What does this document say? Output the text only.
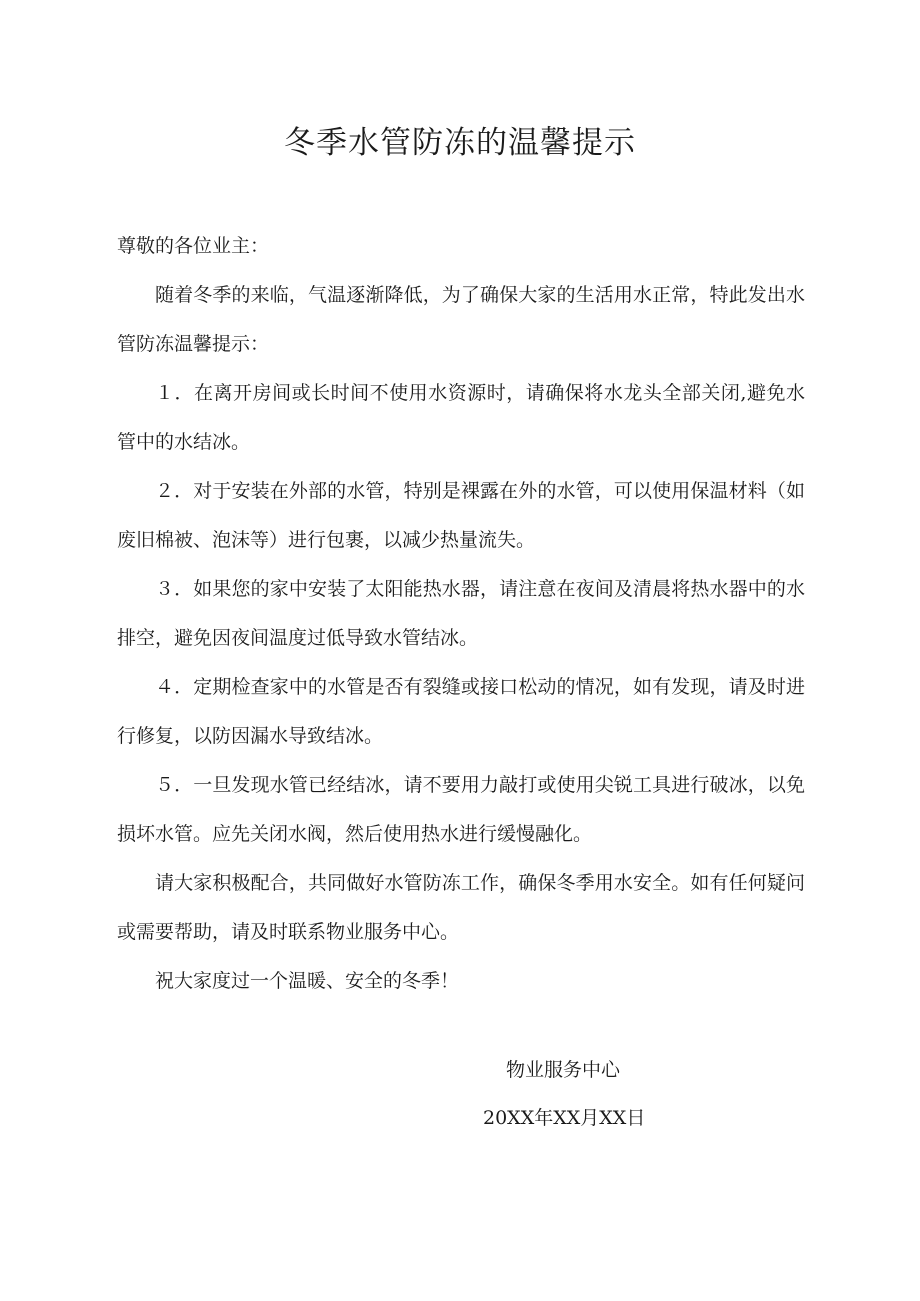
冬季水管防冻的温馨提示

尊敬的各位业主：

随着冬季的来临，气温逐渐降低，为了确保大家的生活用水正常，特此发出水管防冻温馨提示：

１．在离开房间或长时间不使用水资源时，请确保将水龙头全部关闭,避免水管中的水结冰。

２．对于安装在外部的水管，特别是裸露在外的水管，可以使用保温材料（如废旧棉被、泡沫等）进行包裹，以减少热量流失。

３．如果您的家中安装了太阳能热水器，请注意在夜间及清晨将热水器中的水排空，避免因夜间温度过低导致水管结冰。

４．定期检查家中的水管是否有裂缝或接口松动的情况，如有发现，请及时进行修复，以防因漏水导致结冰。

５．一旦发现水管已经结冰，请不要用力敲打或使用尖锐工具进行破冰，以免损坏水管。应先关闭水阀，然后使用热水进行缓慢融化。

请大家积极配合，共同做好水管防冻工作，确保冬季用水安全。如有任何疑问或需要帮助，请及时联系物业服务中心。

祝大家度过一个温暖、安全的冬季！

物业服务中心

20XX年XX月XX日
